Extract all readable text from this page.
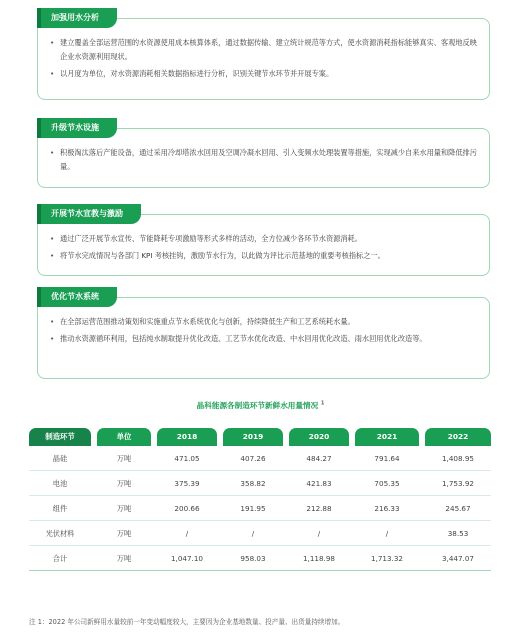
• 建立覆盖全部运营范围的水资源使用成本核算体系，通过数据传输、建立统计规范等方式，使水资源消耗指标能够真实、客观地反映企业水资源利用现状。
• 以月度为单位，对水资源消耗相关数据指标进行分析，识别关键节水环节并开展专案。
加强用水分析
• 积极淘汰落后产能设备，通过采用冷却塔浓水回用及空调冷凝水回用、引入变频水处理装置等措施，实现减少自来水用量和降低排污量。
升级节水设施
• 通过广泛开展节水宣传、节能降耗专项激励等形式多样的活动，全方位减少各环节水资源消耗。
• 将节水完成情况与各部门 KPI 考核挂钩，激励节水行为，以此做为评比示范基地的重要考核指标之一。
开展节水宣教与激励
• 在全部运营范围推动策划和实施重点节水系统优化与创新，持续降低生产和工艺系统耗水量。
• 推动水资源循环利用，包括纯水制取提升优化改造、工艺节水优化改造、中水回用优化改造、雨水回用优化改造等。
优化节水系统
晶科能源各制造环节新鲜水用量情况 $^1$
制造环节	单位	2018	2019	2020	2021	2022
晶硅	万吨	471.05	407.26	484.27	791.64	1,408.95
电池	万吨	375.39	358.82	421.83	705.35	1,753.92
组件	万吨	200.66	191.95	212.88	216.33	245.67
光伏材料	万吨	/	/	/	/	38.53
合计	万吨	1,047.10	958.03	1,118.98	1,713.32	3,447.07
注 1：2022 年公司新鲜用水量较前一年变动幅度较大，主要因为企业基地数量、投产量、出货量持续增加。
